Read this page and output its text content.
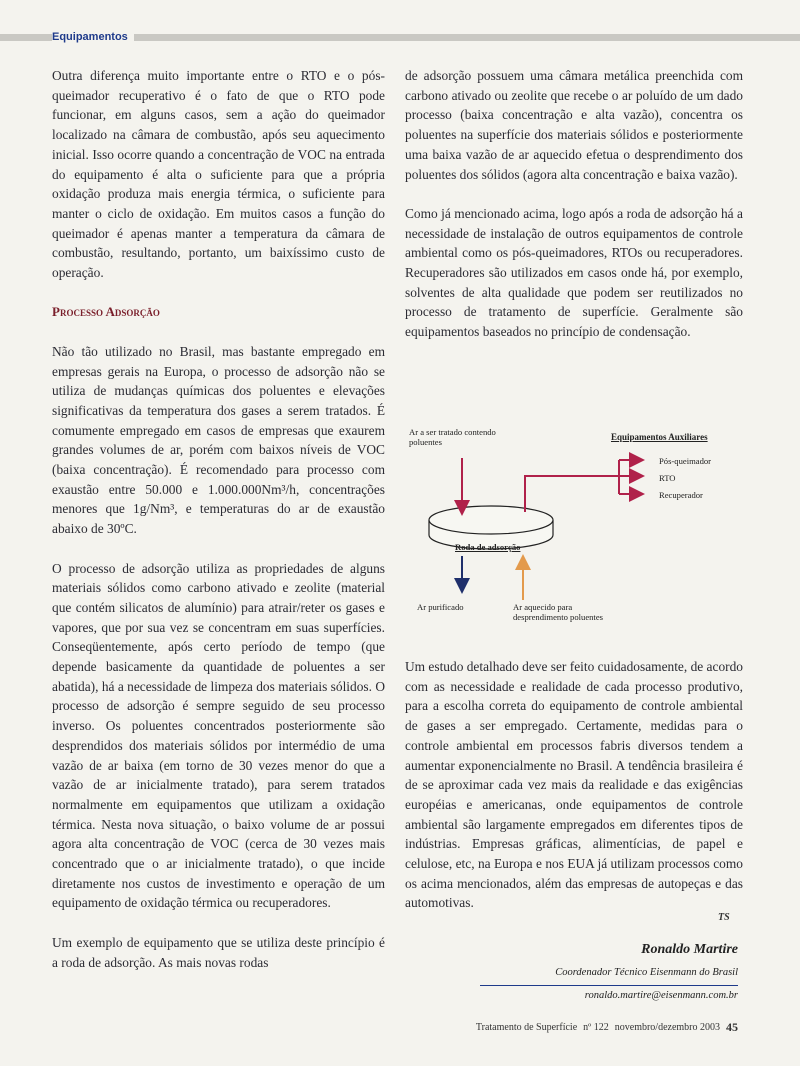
Equipamentos

Outra diferença muito importante entre o RTO e o pós-queimador recuperativo é o fato de que o RTO pode funcionar, em alguns casos, sem a ação do queimador localizado na câmara de combustão, após seu aquecimento inicial. Isso ocorre quando a concentração de VOC na entrada do equipamento é alta o suficiente para que a própria oxidação produza mais energia térmica, o suficiente para manter o ciclo de oxidação. Em muitos casos a função do queimador é apenas manter a temperatura da câmara de combustão, resultando, portanto, um baixíssimo custo de operação.

Processo Adsorção

Não tão utilizado no Brasil, mas bastante empregado em empresas gerais na Europa, o processo de adsorção não se utiliza de mudanças químicas dos poluentes e elevações significativas da temperatura dos gases a serem tratados. É comumente empregado em casos de empresas que exaurem grandes volumes de ar, porém com baixos níveis de VOC (baixa concentração). É recomendado para processo com exaustão entre 50.000 e 1.000.000Nm³/h, concentrações menores que 1g/Nm³, e temperaturas do ar de exaustão abaixo de 30ºC.

O processo de adsorção utiliza as propriedades de alguns materiais sólidos como carbono ativado e zeolite (material que contém silicatos de alumínio) para atrair/reter os gases e vapores, que por sua vez se concentram em suas superfícies. Conseqüentemente, após certo período de tempo (que depende basicamente da quantidade de poluentes a ser abatida), há a necessidade de limpeza dos materiais sólidos. O processo de adsorção é sempre seguido de seu processo inverso. Os poluentes concentrados posteriormente são desprendidos dos materiais sólidos por intermédio de uma vazão de ar baixa (em torno de 30 vezes menor do que a vazão de ar inicialmente tratado), para serem tratados normalmente em equipamentos que utilizam a oxidação térmica. Nesta nova situação, o baixo volume de ar possui agora alta concentração de VOC (cerca de 30 vezes mais concentrado que o ar inicialmente tratado), o que incide diretamente nos custos de investimento e operação de um equipamento de oxidação térmica ou recuperadores.

Um exemplo de equipamento que se utiliza deste princípio é a roda de adsorção. As mais novas rodas

de adsorção possuem uma câmara metálica preenchida com carbono ativado ou zeolite que recebe o ar poluído de um dado processo (baixa concentração e alta vazão), concentra os poluentes na superfície dos materiais sólidos e posteriormente uma baixa vazão de ar aquecido efetua o desprendimento dos poluentes dos sólidos (agora alta concentração e baixa vazão).

Como já mencionado acima, logo após a roda de adsorção há a necessidade de instalação de outros equipamentos de controle ambiental como os pós-queimadores, RTOs ou recuperadores. Recuperadores são utilizados em casos onde há, por exemplo, solventes de alta qualidade que podem ser reutilizados no processo de tratamento de superfície. Geralmente são equipamentos baseados no princípio de condensação.

Ar a ser tratado contendo poluentes	Equipamentos Auxiliares
Pós-queimador
RTO
Recuperador
Roda de adsorção
Ar purificado	Ar aquecido para desprendimento poluentes

Um estudo detalhado deve ser feito cuidadosamente, de acordo com as necessidade e realidade de cada processo produtivo, para a escolha correta do equipamento de controle ambiental de gases a ser empregado. Certamente, medidas para o controle ambiental em processos fabris diversos tendem a aumentar exponencialmente no Brasil. A tendência brasileira é de se aproximar cada vez mais da realidade e das exigências européias e americanas, onde equipamentos de controle ambiental são largamente empregados em diferentes tipos de indústrias. Empresas gráficas, alimentícias, de papel e celulose, etc, na Europa e nos EUA já utilizam processos como os acima mencionados, além das empresas de autopeças e das automotivas.

TS
Ronaldo Martire
Coordenador Técnico Eisenmann do Brasil
ronaldo.martire@eisenmann.com.br
Tratamento de Superfície nº 122 novembro/dezembro 2003 45
